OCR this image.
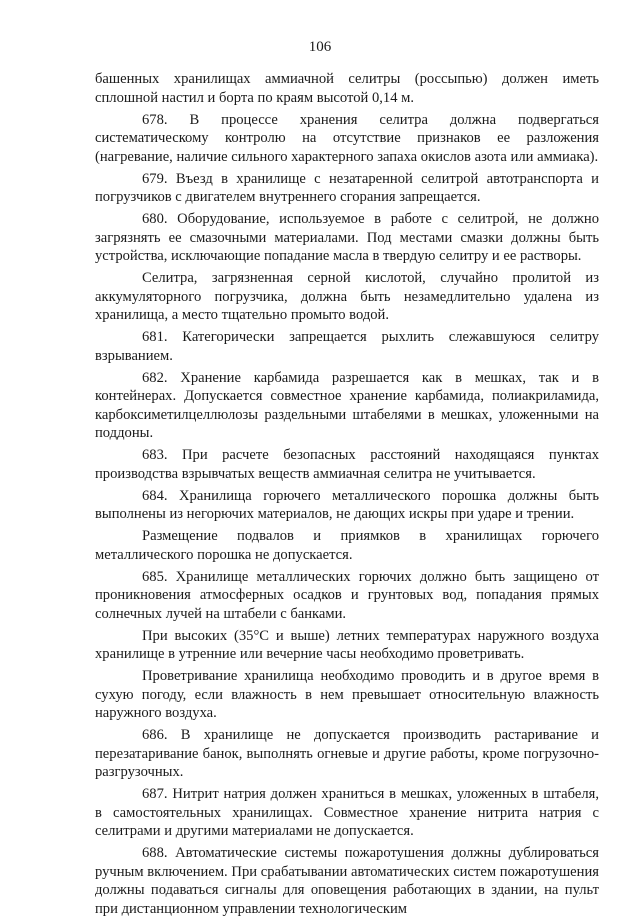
106

башенных хранилищах аммиачной селитры (россыпью) должен иметь сплошной настил и борта по краям высотой 0,14 м.

678. В процессе хранения селитра должна подвергаться систематическому контролю на отсутствие признаков ее разложения (нагревание, наличие сильного характерного запаха окислов азота или аммиака).

679. Въезд в хранилище с незатаренной селитрой автотранспорта и погрузчиков с двигателем внутреннего сгорания запрещается.

680. Оборудование, используемое в работе с селитрой, не должно загрязнять ее смазочными материалами. Под местами смазки должны быть устройства, исключающие попадание масла в твердую селитру и ее растворы.

Селитра, загрязненная серной кислотой, случайно пролитой из аккумуляторного погрузчика, должна быть незамедлительно удалена из хранилища, а место тщательно промыто водой.

681. Категорически запрещается рыхлить слежавшуюся селитру взрыванием.

682. Хранение карбамида разрешается как в мешках, так и в контейнерах. Допускается совместное хранение карбамида, полиакриламида, карбоксиметилцеллюлозы раздельными штабелями в мешках, уложенными на поддоны.

683. При расчете безопасных расстояний находящаяся пунктах производства взрывчатых веществ аммиачная селитра не учитывается.

684. Хранилища горючего металлического порошка должны быть выполнены из негорючих материалов, не дающих искры при ударе и трении.

Размещение подвалов и приямков в хранилищах горючего металлического порошка не допускается.

685. Хранилище металлических горючих должно быть защищено от проникновения атмосферных осадков и грунтовых вод, попадания прямых солнечных лучей на штабели с банками.

При высоких (35°С и выше) летних температурах наружного воздуха хранилище в утренние или вечерние часы необходимо проветривать.

Проветривание хранилища необходимо проводить и в другое время в сухую погоду, если влажность в нем превышает относительную влажность наружного воздуха.

686. В хранилище не допускается производить растаривание и перезатаривание банок, выполнять огневые и другие работы, кроме погрузочно-разгрузочных.

687. Нитрит натрия должен храниться в мешках, уложенных в штабеля, в самостоятельных хранилищах. Совместное хранение нитрита натрия с селитрами и другими материалами не допускается.

688. Автоматические системы пожаротушения должны дублироваться ручным включением. При срабатывании автоматических систем пожаротушения должны подаваться сигналы для оповещения работающих в здании, на пульт при дистанционном управлении технологическим
